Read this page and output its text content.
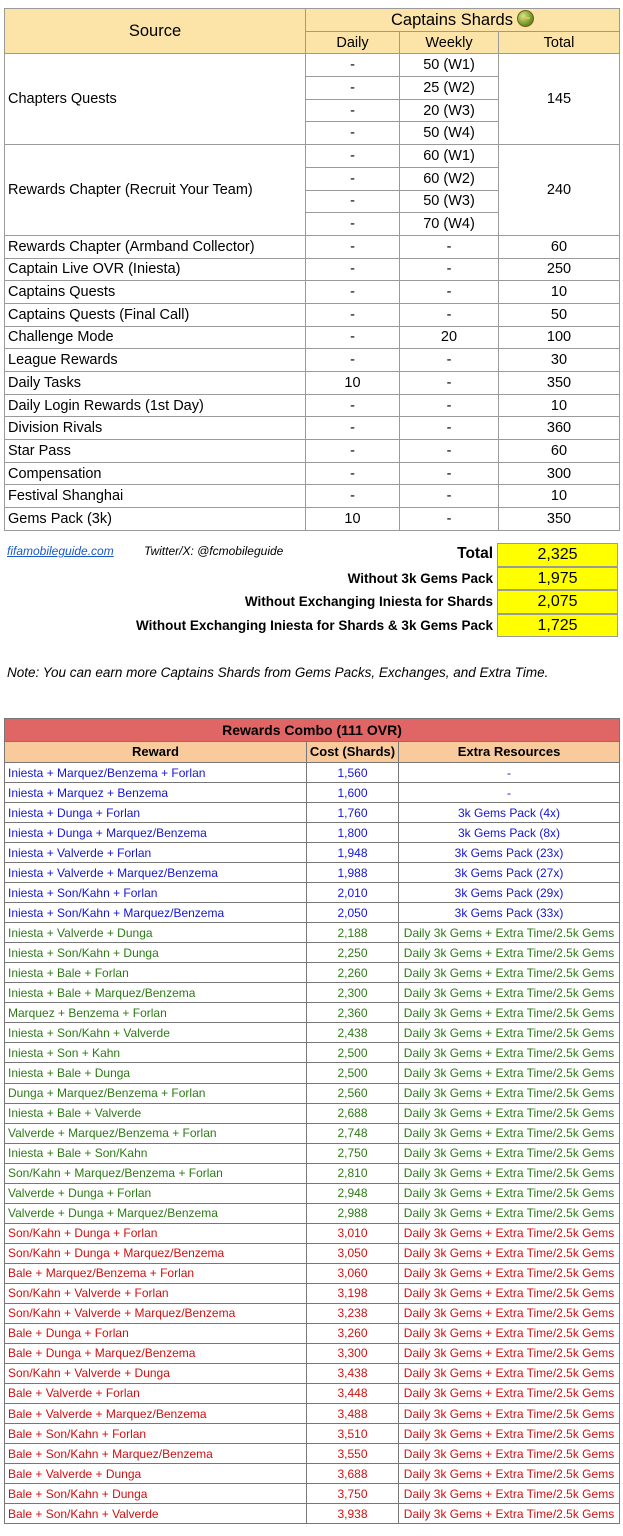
Source	Captains Shards		
	Daily	Weekly	Total
Chapters Quests	-	50 (W1)	145
	-	25 (W2)	
	-	20 (W3)	
	-	50 (W4)	
Rewards Chapter (Recruit Your Team)	-	60 (W1)	240
	-	60 (W2)	
	-	50 (W3)	
	-	70 (W4)	
Rewards Chapter (Armband Collector)	-	-	60
Captain Live OVR (Iniesta)	-	-	250
Captains Quests	-	-	10
Captains Quests (Final Call)	-	-	50
Challenge Mode	-	20	100
League Rewards	-	-	30
Daily Tasks	10	-	350
Daily Login Rewards (1st Day)	-	-	10
Division Rivals	-	-	360
Star Pass	-	-	60
Compensation	-	-	300
Festival Shanghai	-	-	10
Gems Pack (3k)	10	-	350
fifamobileguide.com	Twitter/X: @fcmobileguide	Total	2,325
Without 3k Gems Pack	1,975
Without Exchanging Iniesta for Shards	2,075
Without Exchanging Iniesta for Shards & 3k Gems Pack	1,725
Note: You can earn more Captains Shards from Gems Packs, Exchanges, and Extra Time.
Rewards Combo (111 OVR)		
Reward	Cost (Shards)	Extra Resources
Iniesta + Marquez/Benzema + Forlan	1,560	-
Iniesta + Marquez + Benzema	1,600	-
Iniesta + Dunga + Forlan	1,760	3k Gems Pack (4x)
Iniesta + Dunga + Marquez/Benzema	1,800	3k Gems Pack (8x)
Iniesta + Valverde + Forlan	1,948	3k Gems Pack (23x)
Iniesta + Valverde + Marquez/Benzema	1,988	3k Gems Pack (27x)
Iniesta + Son/Kahn + Forlan	2,010	3k Gems Pack (29x)
Iniesta + Son/Kahn + Marquez/Benzema	2,050	3k Gems Pack (33x)
Iniesta + Valverde + Dunga	2,188	Daily 3k Gems + Extra Time/2.5k Gems
Iniesta + Son/Kahn + Dunga	2,250	Daily 3k Gems + Extra Time/2.5k Gems
Iniesta + Bale + Forlan	2,260	Daily 3k Gems + Extra Time/2.5k Gems
Iniesta + Bale + Marquez/Benzema	2,300	Daily 3k Gems + Extra Time/2.5k Gems
Marquez + Benzema + Forlan	2,360	Daily 3k Gems + Extra Time/2.5k Gems
Iniesta + Son/Kahn + Valverde	2,438	Daily 3k Gems + Extra Time/2.5k Gems
Iniesta + Son + Kahn	2,500	Daily 3k Gems + Extra Time/2.5k Gems
Iniesta + Bale + Dunga	2,500	Daily 3k Gems + Extra Time/2.5k Gems
Dunga + Marquez/Benzema + Forlan	2,560	Daily 3k Gems + Extra Time/2.5k Gems
Iniesta + Bale + Valverde	2,688	Daily 3k Gems + Extra Time/2.5k Gems
Valverde + Marquez/Benzema + Forlan	2,748	Daily 3k Gems + Extra Time/2.5k Gems
Iniesta + Bale + Son/Kahn	2,750	Daily 3k Gems + Extra Time/2.5k Gems
Son/Kahn + Marquez/Benzema + Forlan	2,810	Daily 3k Gems + Extra Time/2.5k Gems
Valverde + Dunga + Forlan	2,948	Daily 3k Gems + Extra Time/2.5k Gems
Valverde + Dunga + Marquez/Benzema	2,988	Daily 3k Gems + Extra Time/2.5k Gems
Son/Kahn + Dunga + Forlan	3,010	Daily 3k Gems + Extra Time/2.5k Gems
Son/Kahn + Dunga + Marquez/Benzema	3,050	Daily 3k Gems + Extra Time/2.5k Gems
Bale + Marquez/Benzema + Forlan	3,060	Daily 3k Gems + Extra Time/2.5k Gems
Son/Kahn + Valverde + Forlan	3,198	Daily 3k Gems + Extra Time/2.5k Gems
Son/Kahn + Valverde + Marquez/Benzema	3,238	Daily 3k Gems + Extra Time/2.5k Gems
Bale + Dunga + Forlan	3,260	Daily 3k Gems + Extra Time/2.5k Gems
Bale + Dunga + Marquez/Benzema	3,300	Daily 3k Gems + Extra Time/2.5k Gems
Son/Kahn + Valverde + Dunga	3,438	Daily 3k Gems + Extra Time/2.5k Gems
Bale + Valverde + Forlan	3,448	Daily 3k Gems + Extra Time/2.5k Gems
Bale + Valverde + Marquez/Benzema	3,488	Daily 3k Gems + Extra Time/2.5k Gems
Bale + Son/Kahn + Forlan	3,510	Daily 3k Gems + Extra Time/2.5k Gems
Bale + Son/Kahn + Marquez/Benzema	3,550	Daily 3k Gems + Extra Time/2.5k Gems
Bale + Valverde + Dunga	3,688	Daily 3k Gems + Extra Time/2.5k Gems
Bale + Son/Kahn + Dunga	3,750	Daily 3k Gems + Extra Time/2.5k Gems
Bale + Son/Kahn + Valverde	3,938	Daily 3k Gems + Extra Time/2.5k Gems
